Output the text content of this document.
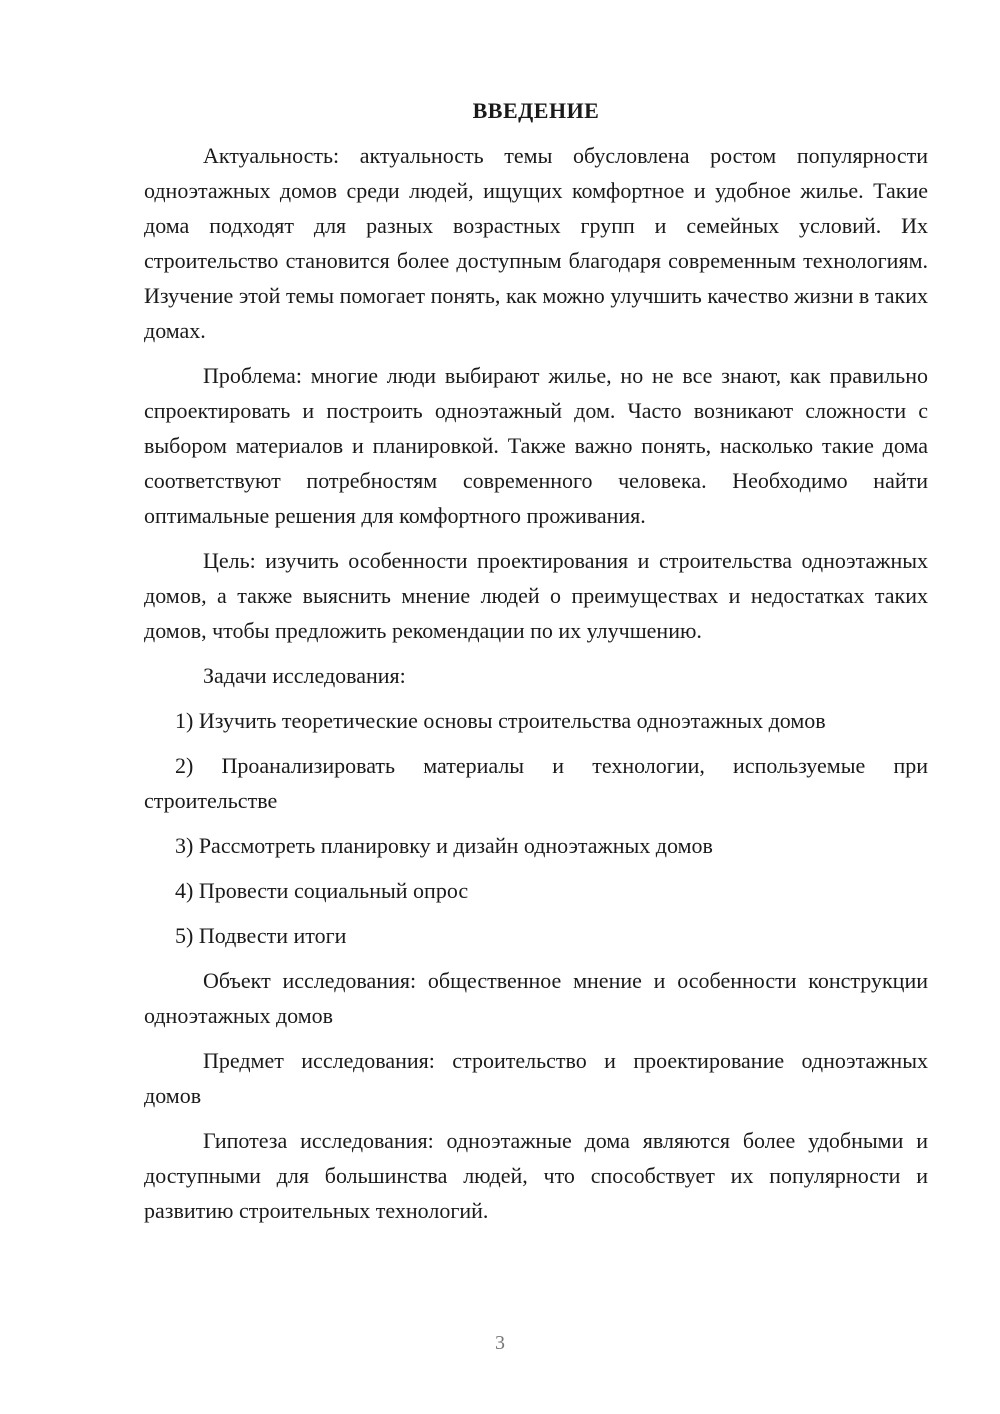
ВВЕДЕНИЕ

Актуальность: актуальность темы обусловлена ростом популярности одноэтажных домов среди людей, ищущих комфортное и удобное жилье. Такие дома подходят для разных возрастных групп и семейных условий. Их строительство становится более доступным благодаря современным технологиям. Изучение этой темы помогает понять, как можно улучшить качество жизни в таких домах.

Проблема: многие люди выбирают жилье, но не все знают, как правильно спроектировать и построить одноэтажный дом. Часто возникают сложности с выбором материалов и планировкой. Также важно понять, насколько такие дома соответствуют потребностям современного человека. Необходимо найти оптимальные решения для комфортного проживания.

Цель: изучить особенности проектирования и строительства одноэтажных домов, а также выяснить мнение людей о преимуществах и недостатках таких домов, чтобы предложить рекомендации по их улучшению.

Задачи исследования:

1) Изучить теоретические основы строительства одноэтажных домов

2) Проанализировать материалы и технологии, используемые при строительстве

3) Рассмотреть планировку и дизайн одноэтажных домов

4) Провести социальный опрос

5) Подвести итоги

Объект исследования: общественное мнение и особенности конструкции одноэтажных домов

Предмет исследования: строительство и проектирование одноэтажных домов

Гипотеза исследования: одноэтажные дома являются более удобными и доступными для большинства людей, что способствует их популярности и развитию строительных технологий.

3
